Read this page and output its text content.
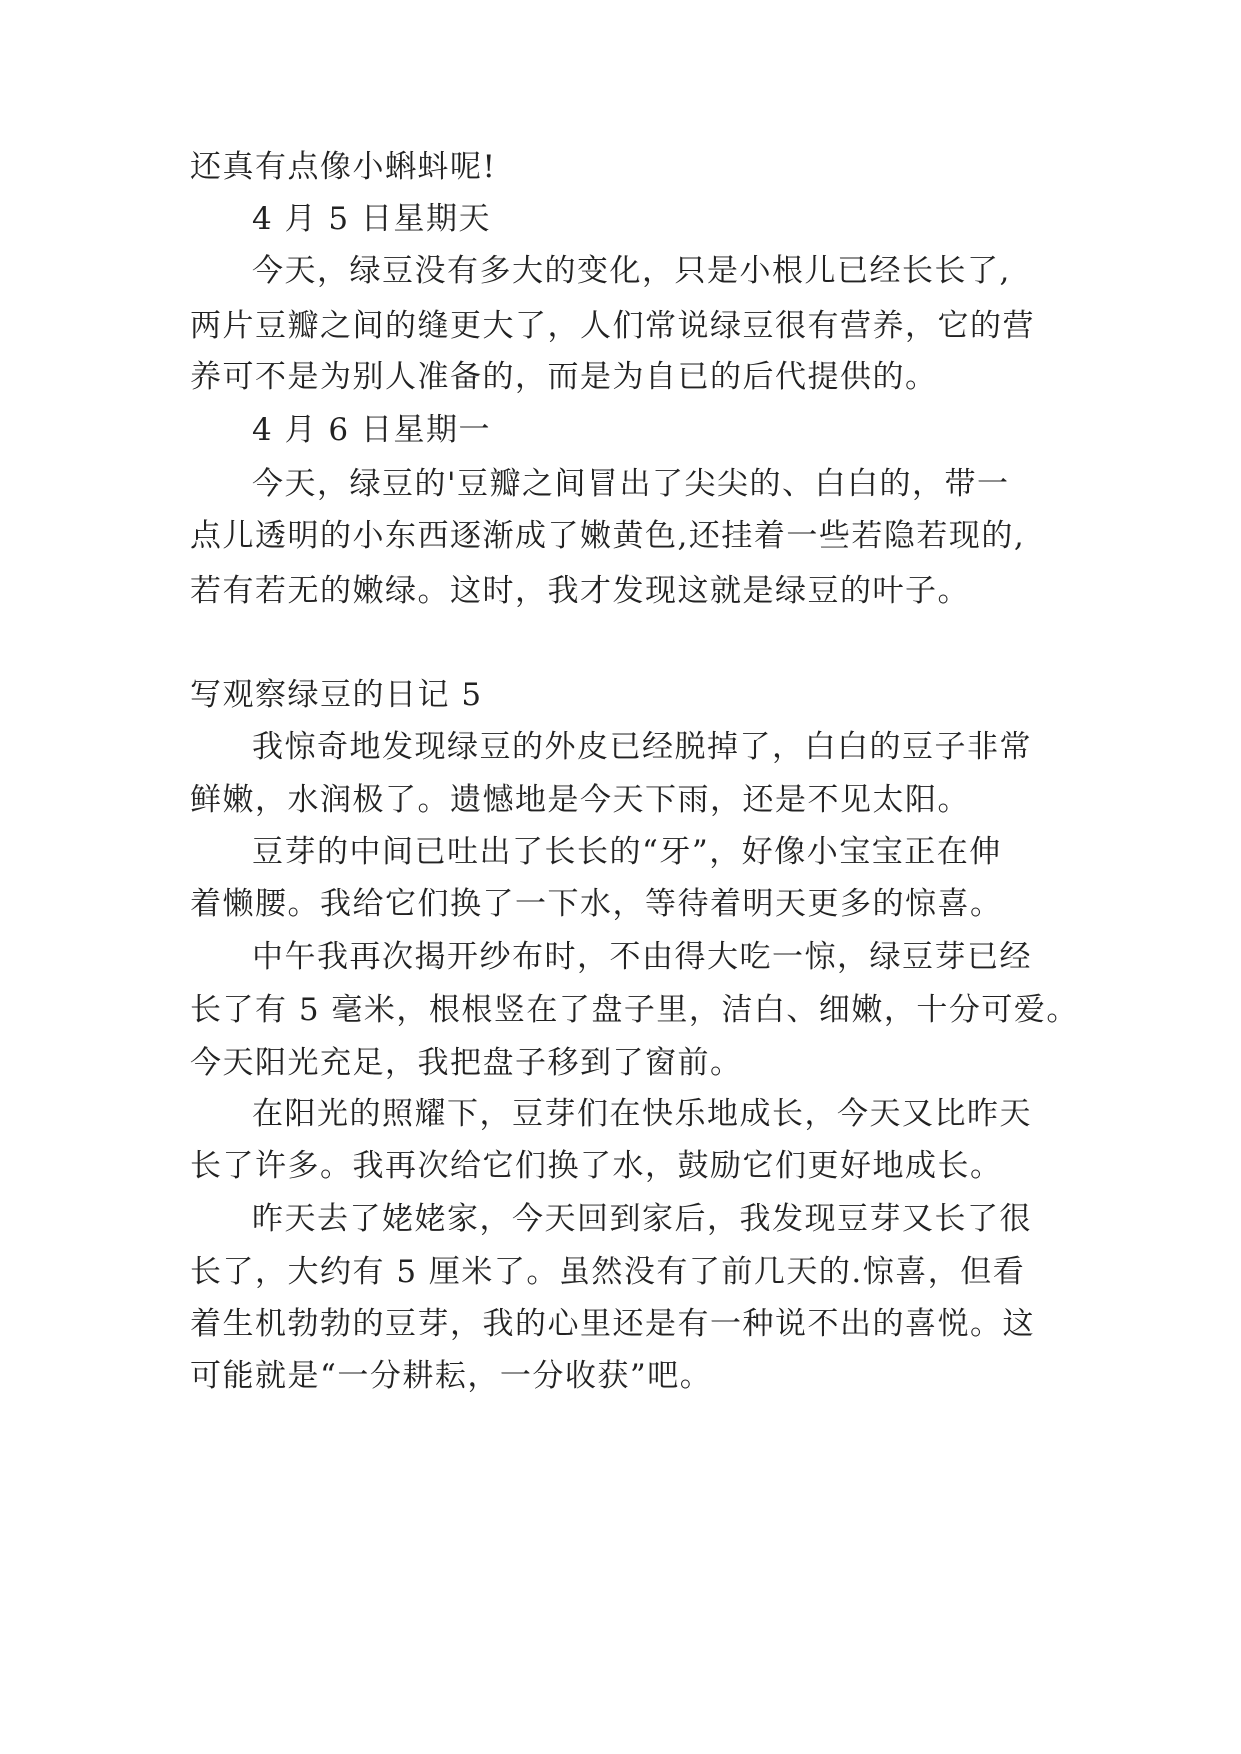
还真有点像小蝌蚪呢!
4 月 5 日星期天
今天，绿豆没有多大的变化，只是小根儿已经长长了,
两片豆瓣之间的缝更大了，人们常说绿豆很有营养，它的营
养可不是为别人准备的，而是为自已的后代提供的。
4 月 6 日星期一
今天，绿豆的'豆瓣之间冒出了尖尖的、白白的，带一
点儿透明的小东西逐渐成了嫩黄色,还挂着一些若隐若现的,
若有若无的嫩绿。这时，我才发现这就是绿豆的叶子。
写观察绿豆的日记 5
我惊奇地发现绿豆的外皮已经脱掉了，白白的豆子非常
鲜嫩，水润极了。遗憾地是今天下雨，还是不见太阳。
豆芽的中间已吐出了长长的“牙”，好像小宝宝正在伸
着懒腰。我给它们换了一下水，等待着明天更多的惊喜。
中午我再次揭开纱布时，不由得大吃一惊，绿豆芽已经
长了有 5 毫米，根根竖在了盘子里，洁白、细嫩，十分可爱。
今天阳光充足，我把盘子移到了窗前。
在阳光的照耀下，豆芽们在快乐地成长，今天又比昨天
长了许多。我再次给它们换了水，鼓励它们更好地成长。
昨天去了姥姥家，今天回到家后，我发现豆芽又长了很
长了，大约有 5 厘米了。虽然没有了前几天的.惊喜，但看
着生机勃勃的豆芽，我的心里还是有一种说不出的喜悦。这
可能就是“一分耕耘，一分收获”吧。
